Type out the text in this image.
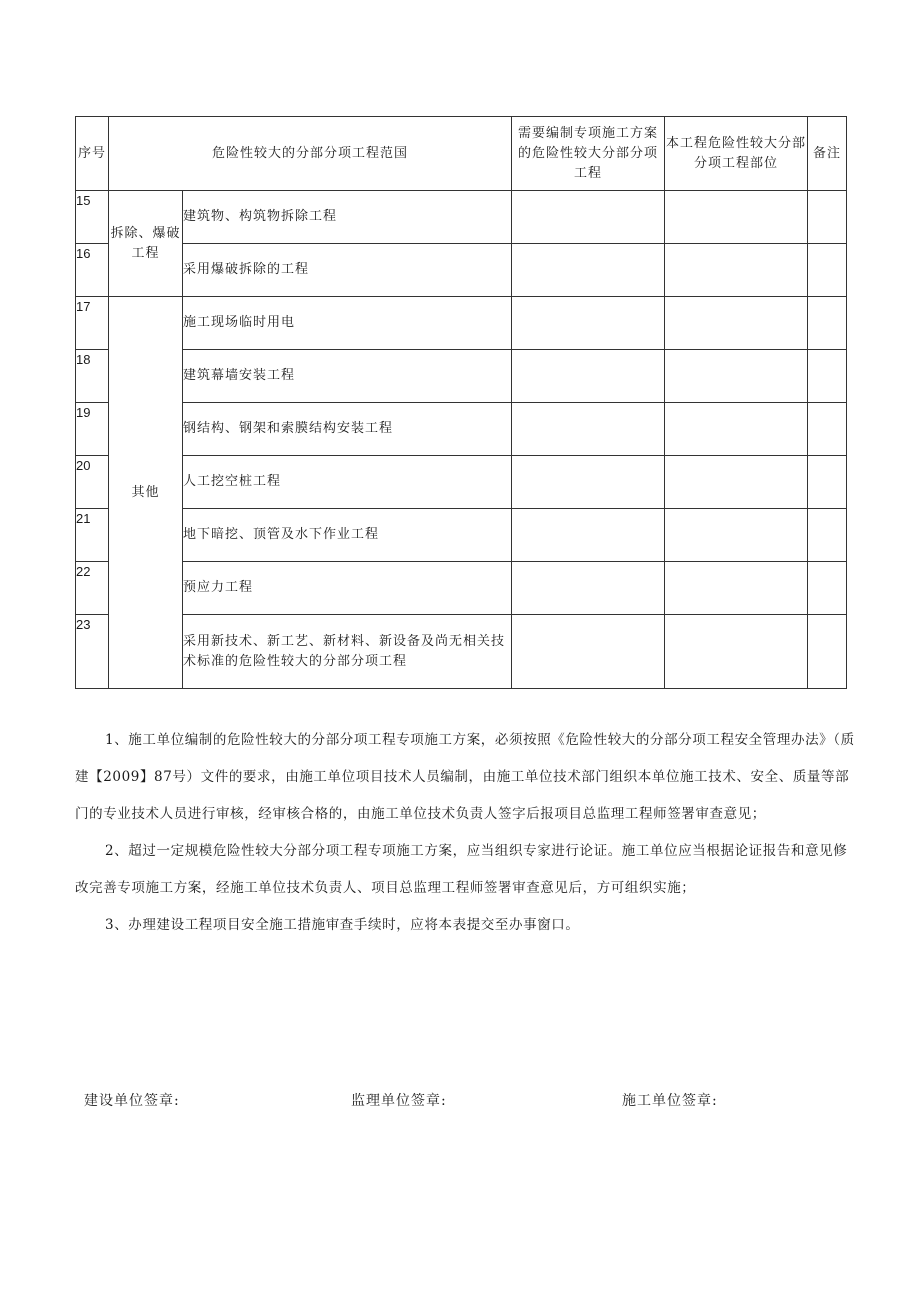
序号	危险性较大的分部分项工程范国		需要编制专项施工方案的危险性较大分部分项工程	本工程危险性较大分部分项工程部位	备注
15	拆除、爆破工程	建筑物、构筑物拆除工程			
16		采用爆破拆除的工程			
17	其他	施工现场临时用电			
18		建筑幕墙安装工程			
19		钢结构、钢架和索膜结构安装工程			
20		人工挖空桩工程			
21		地下暗挖、顶管及水下作业工程			
22		预应力工程			
23		采用新技术、新工艺、新材料、新设备及尚无相关技术标准的危险性较大的分部分项工程			

1、施工单位编制的危险性较大的分部分项工程专项施工方案，必须按照《危险性较大的分部分项工程安全管理办法》（质建【2009】87号）文件的要求，由施工单位项目技术人员编制，由施工单位技术部门组织本单位施工技术、安全、质量等部门的专业技术人员进行审核，经审核合格的，由施工单位技术负责人签字后报项目总监理工程师签署审查意见；

2、超过一定规模危险性较大分部分项工程专项施工方案，应当组织专家进行论证。施工单位应当根据论证报告和意见修改完善专项施工方案，经施工单位技术负责人、项目总监理工程师签署审查意见后，方可组织实施；

3、办理建设工程项目安全施工措施审查手续时，应将本表提交至办事窗口。

建设单位签章:	监理单位签章:	施工单位签章:
